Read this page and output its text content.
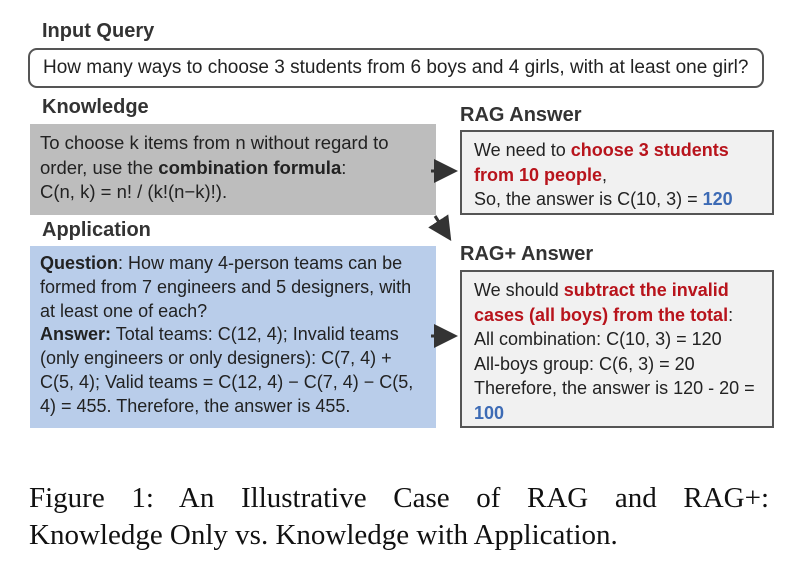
Input Query
How many ways to choose 3 students from 6 boys and 4 girls, with at least one girl?
Knowledge
To choose k items from n without regard to order, use the combination formula:
C(n, k) = n! / (k!(n−k)!).
Application
Question: How many 4-person teams can be formed from 7 engineers and 5 designers, with at least one of each?
Answer: Total teams: C(12, 4); Invalid teams (only engineers or only designers): C(7, 4) + C(5, 4); Valid teams = C(12, 4) − C(7, 4) − C(5, 4) = 455. Therefore, the answer is 455.
RAG Answer
We need to choose 3 students from 10 people,
So, the answer is C(10, 3) = 120
RAG+ Answer
We should subtract the invalid cases (all boys) from the total:
All combination: C(10, 3) = 120
All-boys group: C(6, 3) = 20
Therefore, the answer is 120 - 20 = 100
Figure 1: An Illustrative Case of RAG and RAG+:
Knowledge Only vs. Knowledge with Application.
